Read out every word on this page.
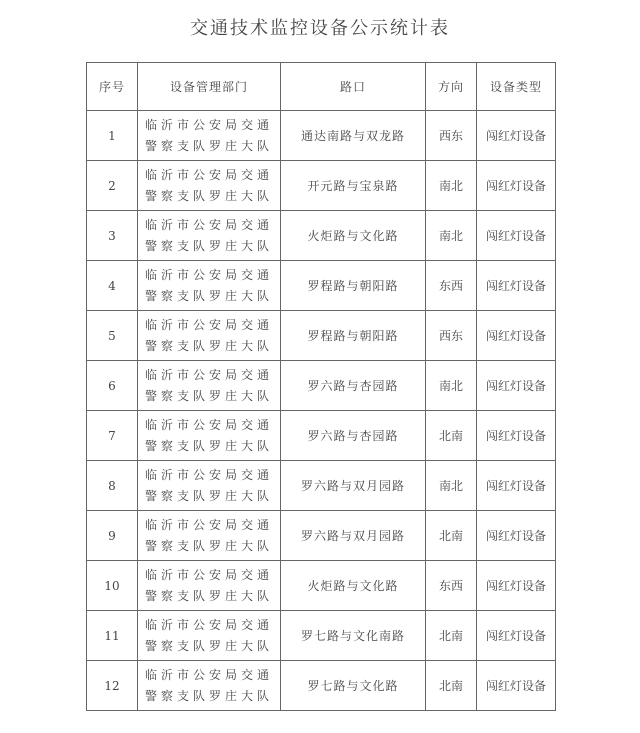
交通技术监控设备公示统计表
序号	设备管理部门	路口	方向	设备类型
1	临沂市公安局交通
警察支队罗庄大队	通达南路与双龙路	西东	闯红灯设备
2	临沂市公安局交通
警察支队罗庄大队	开元路与宝泉路	南北	闯红灯设备
3	临沂市公安局交通
警察支队罗庄大队	火炬路与文化路	南北	闯红灯设备
4	临沂市公安局交通
警察支队罗庄大队	罗程路与朝阳路	东西	闯红灯设备
5	临沂市公安局交通
警察支队罗庄大队	罗程路与朝阳路	西东	闯红灯设备
6	临沂市公安局交通
警察支队罗庄大队	罗六路与杏园路	南北	闯红灯设备
7	临沂市公安局交通
警察支队罗庄大队	罗六路与杏园路	北南	闯红灯设备
8	临沂市公安局交通
警察支队罗庄大队	罗六路与双月园路	南北	闯红灯设备
9	临沂市公安局交通
警察支队罗庄大队	罗六路与双月园路	北南	闯红灯设备
10	临沂市公安局交通
警察支队罗庄大队	火炬路与文化路	东西	闯红灯设备
11	临沂市公安局交通
警察支队罗庄大队	罗七路与文化南路	北南	闯红灯设备
12	临沂市公安局交通
警察支队罗庄大队	罗七路与文化路	北南	闯红灯设备
